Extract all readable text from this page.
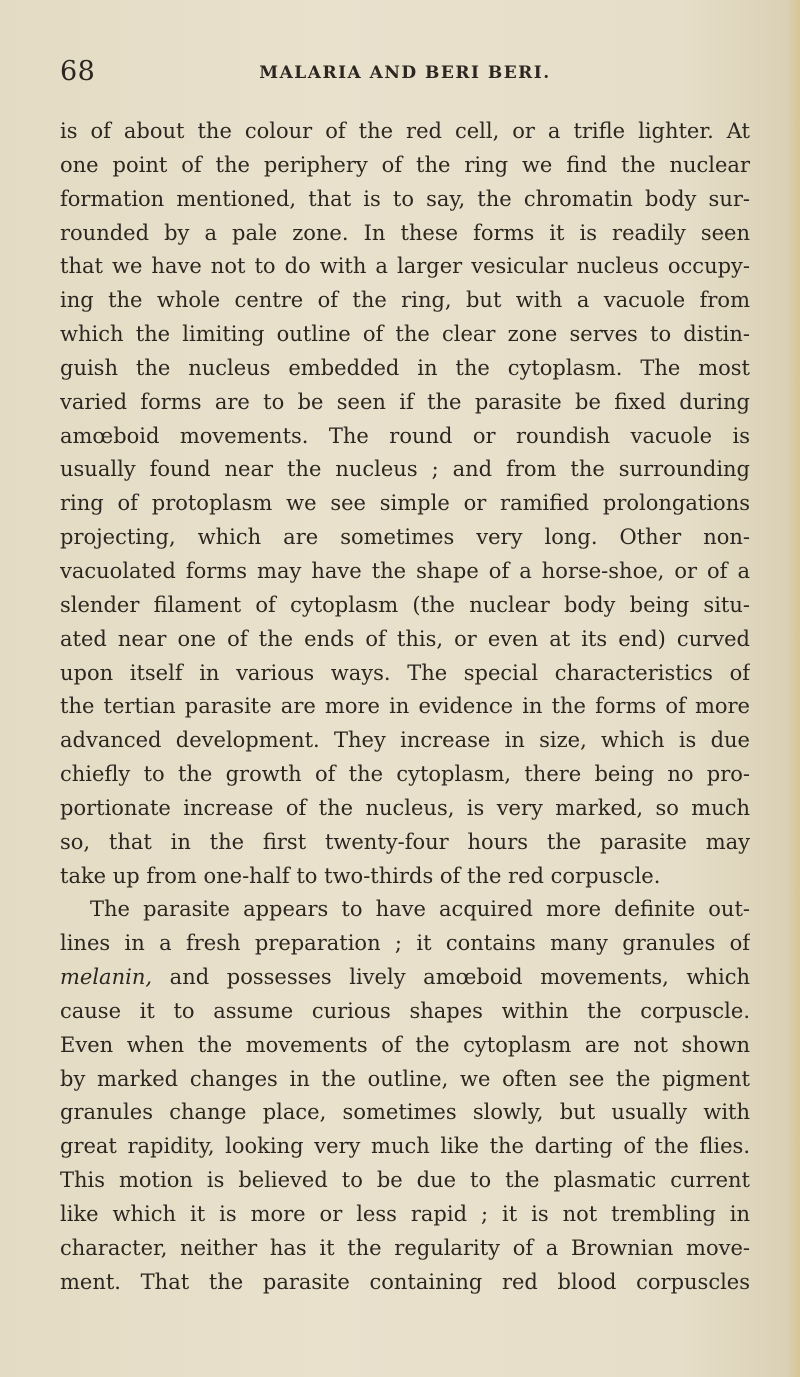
68	MALARIA AND BERI BERI.
is of about the colour of the red cell, or a trifle lighter. At
one point of the periphery of the ring we find the nuclear
formation mentioned, that is to say, the chromatin body sur-
rounded by a pale zone. In these forms it is readily seen
that we have not to do with a larger vesicular nucleus occupy-
ing the whole centre of the ring, but with a vacuole from
which the limiting outline of the clear zone serves to distin-
guish the nucleus embedded in the cytoplasm. The most
varied forms are to be seen if the parasite be fixed during
amœboid movements. The round or roundish vacuole is
usually found near the nucleus ; and from the surrounding
ring of protoplasm we see simple or ramified prolongations
projecting, which are sometimes very long. Other non-
vacuolated forms may have the shape of a horse-shoe, or of a
slender filament of cytoplasm (the nuclear body being situ-
ated near one of the ends of this, or even at its end) curved
upon itself in various ways. The special characteristics of
the tertian parasite are more in evidence in the forms of more
advanced development. They increase in size, which is due
chiefly to the growth of the cytoplasm, there being no pro-
portionate increase of the nucleus, is very marked, so much
so, that in the first twenty-four hours the parasite may
take up from one-half to two-thirds of the red corpuscle.
The parasite appears to have acquired more definite out-
lines in a fresh preparation ; it contains many granules of
melanin, and possesses lively amœboid movements, which
cause it to assume curious shapes within the corpuscle.
Even when the movements of the cytoplasm are not shown
by marked changes in the outline, we often see the pigment
granules change place, sometimes slowly, but usually with
great rapidity, looking very much like the darting of the flies.
This motion is believed to be due to the plasmatic current
like which it is more or less rapid ; it is not trembling in
character, neither has it the regularity of a Brownian move-
ment. That the parasite containing red blood corpuscles
